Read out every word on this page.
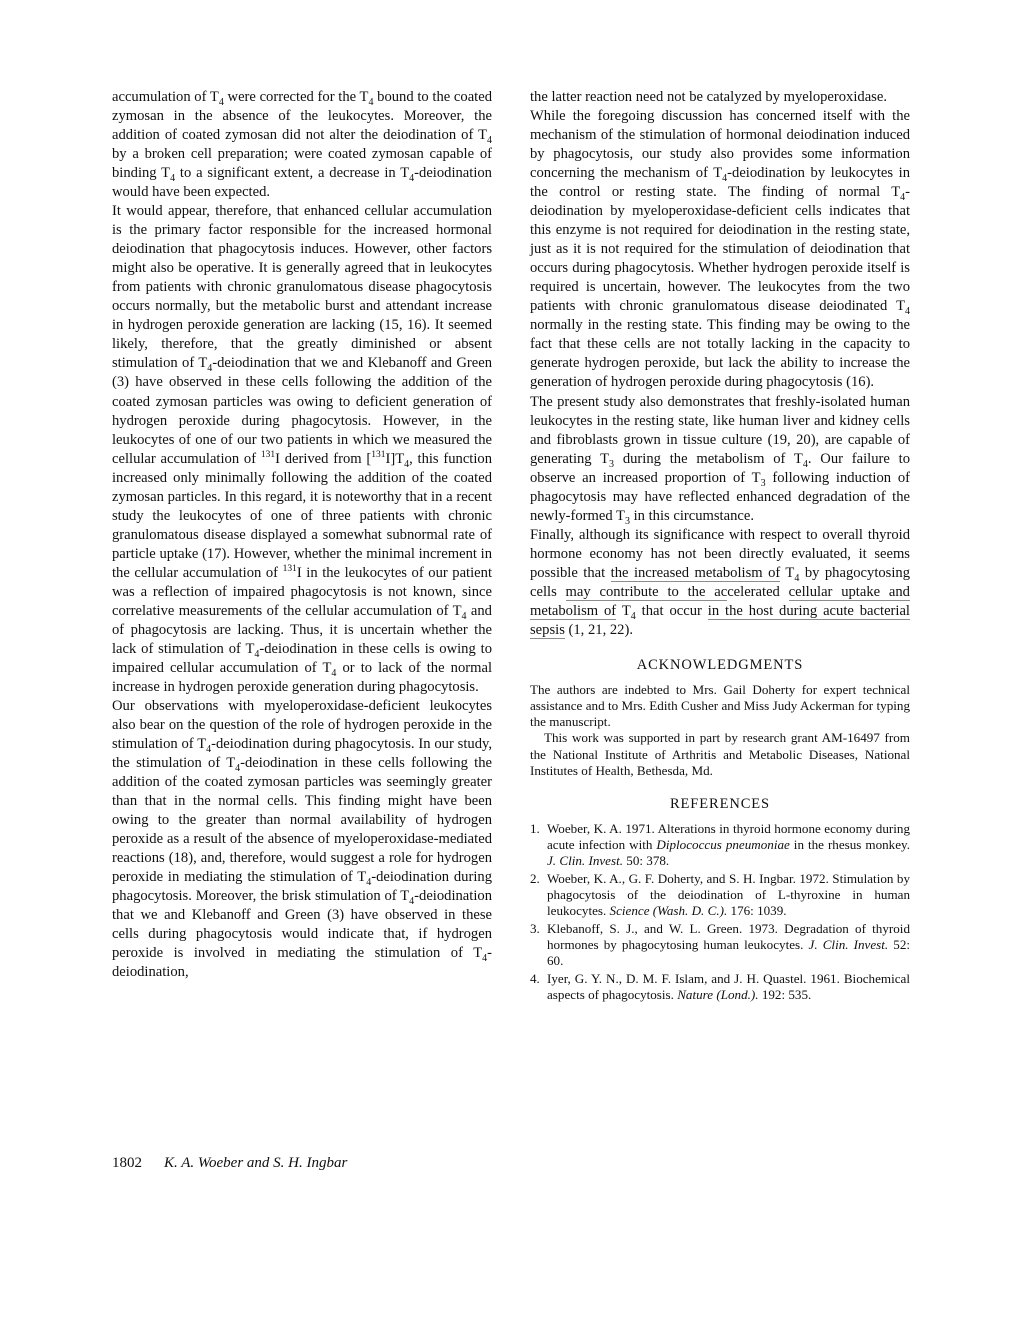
accumulation of $T_4$ were corrected for the $T_4$ bound to the coated zymosan in the absence of the leukocytes. Moreover, the addition of coated zymosan did not alter the deiodination of $T_4$ by a broken cell preparation; were coated zymosan capable of binding $T_4$ to a significant extent, a decrease in $T_4$-deiodination would have been expected.

It would appear, therefore, that enhanced cellular accumulation is the primary factor responsible for the increased hormonal deiodination that phagocytosis induces. However, other factors might also be operative. It is generally agreed that in leukocytes from patients with chronic granulomatous disease phagocytosis occurs normally, but the metabolic burst and attendant increase in hydrogen peroxide generation are lacking (15, 16). It seemed likely, therefore, that the greatly diminished or absent stimulation of $T_4$-deiodination that we and Klebanoff and Green (3) have observed in these cells following the addition of the coated zymosan particles was owing to deficient generation of hydrogen peroxide during phagocytosis. However, in the leukocytes of one of our two patients in which we measured the cellular accumulation of $^{131}$I derived from $[^{131}I]T_4$, this function increased only minimally following the addition of the coated zymosan particles. In this regard, it is noteworthy that in a recent study the leukocytes of one of three patients with chronic granulomatous disease displayed a somewhat subnormal rate of particle uptake (17). However, whether the minimal increment in the cellular accumulation of $^{131}$I in the leukocytes of our patient was a reflection of impaired phagocytosis is not known, since correlative measurements of the cellular accumulation of $T_4$ and of phagocytosis are lacking. Thus, it is uncertain whether the lack of stimulation of $T_4$-deiodination in these cells is owing to impaired cellular accumulation of $T_4$ or to lack of the normal increase in hydrogen peroxide generation during phagocytosis.

Our observations with myeloperoxidase-deficient leukocytes also bear on the question of the role of hydrogen peroxide in the stimulation of $T_4$-deiodination during phagocytosis. In our study, the stimulation of $T_4$-deiodination in these cells following the addition of the coated zymosan particles was seemingly greater than that in the normal cells. This finding might have been owing to the greater than normal availability of hydrogen peroxide as a result of the absence of myeloperoxidase-mediated reactions (18), and, therefore, would suggest a role for hydrogen peroxide in mediating the stimulation of $T_4$-deiodination during phagocytosis. Moreover, the brisk stimulation of $T_4$-deiodination that we and Klebanoff and Green (3) have observed in these cells during phagocytosis would indicate that, if hydrogen peroxide is involved in mediating the stimulation of $T_4$-deiodination,

the latter reaction need not be catalyzed by myeloperoxidase.

While the foregoing discussion has concerned itself with the mechanism of the stimulation of hormonal deiodination induced by phagocytosis, our study also provides some information concerning the mechanism of $T_4$-deiodination by leukocytes in the control or resting state. The finding of normal $T_4$-deiodination by myeloperoxidase-deficient cells indicates that this enzyme is not required for deiodination in the resting state, just as it is not required for the stimulation of deiodination that occurs during phagocytosis. Whether hydrogen peroxide itself is required is uncertain, however. The leukocytes from the two patients with chronic granulomatous disease deiodinated $T_4$ normally in the resting state. This finding may be owing to the fact that these cells are not totally lacking in the capacity to generate hydrogen peroxide, but lack the ability to increase the generation of hydrogen peroxide during phagocytosis (16).

The present study also demonstrates that freshly-isolated human leukocytes in the resting state, like human liver and kidney cells and fibroblasts grown in tissue culture (19, 20), are capable of generating $T_3$ during the metabolism of $T_4$. Our failure to observe an increased proportion of $T_3$ following induction of phagocytosis may have reflected enhanced degradation of the newly-formed $T_3$ in this circumstance.

Finally, although its significance with respect to overall thyroid hormone economy has not been directly evaluated, it seems possible that the increased metabolism of $T_4$ by phagocytosing cells may contribute to the accelerated cellular uptake and metabolism of $T_4$ that occur in the host during acute bacterial sepsis (1, 21, 22).

ACKNOWLEDGMENTS

The authors are indebted to Mrs. Gail Doherty for expert technical assistance and to Mrs. Edith Cusher and Miss Judy Ackerman for typing the manuscript.

This work was supported in part by research grant AM-16497 from the National Institute of Arthritis and Metabolic Diseases, National Institutes of Health, Bethesda, Md.

REFERENCES
1. Woeber, K. A. 1971. Alterations in thyroid hormone economy during acute infection with Diplococcus pneumoniae in the rhesus monkey. J. Clin. Invest. 50: 378.
2. Woeber, K. A., G. F. Doherty, and S. H. Ingbar. 1972. Stimulation by phagocytosis of the deiodination of L-thyroxine in human leukocytes. Science (Wash. D. C.). 176: 1039.
3. Klebanoff, S. J., and W. L. Green. 1973. Degradation of thyroid hormones by phagocytosing human leukocytes. J. Clin. Invest. 52: 60.
4. Iyer, G. Y. N., D. M. F. Islam, and J. H. Quastel. 1961. Biochemical aspects of phagocytosis. Nature (Lond.). 192: 535.
1802 K. A. Woeber and S. H. Ingbar
